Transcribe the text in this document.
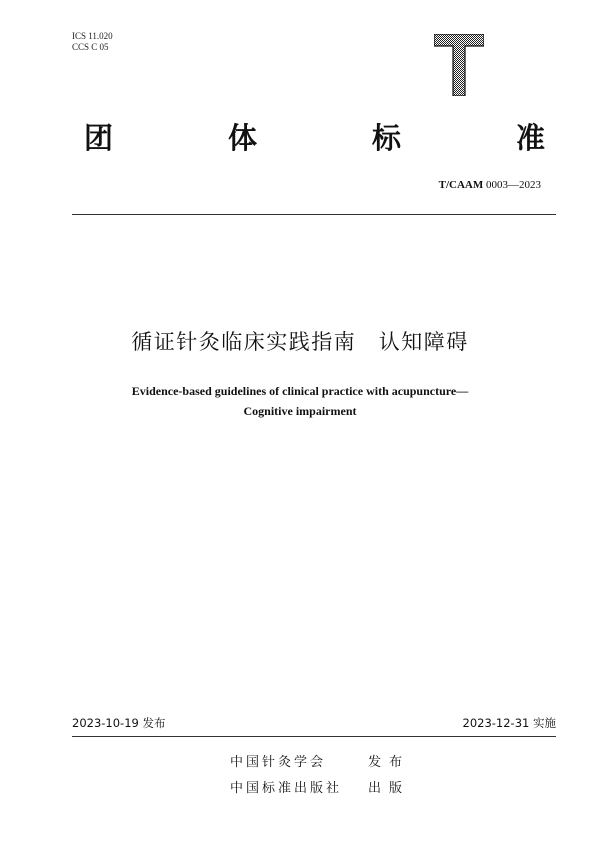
ICS 11.020
CCS C 05
团	体	标	准
T/CAAM 0003—2023
循证针灸临床实践指南　认知障碍
Evidence-based guidelines of clinical practice with acupuncture—
Cognitive impairment
2023-10-19 发布	2023-12-31 实施
中国针灸学会	发布
中国标准出版社 出版
